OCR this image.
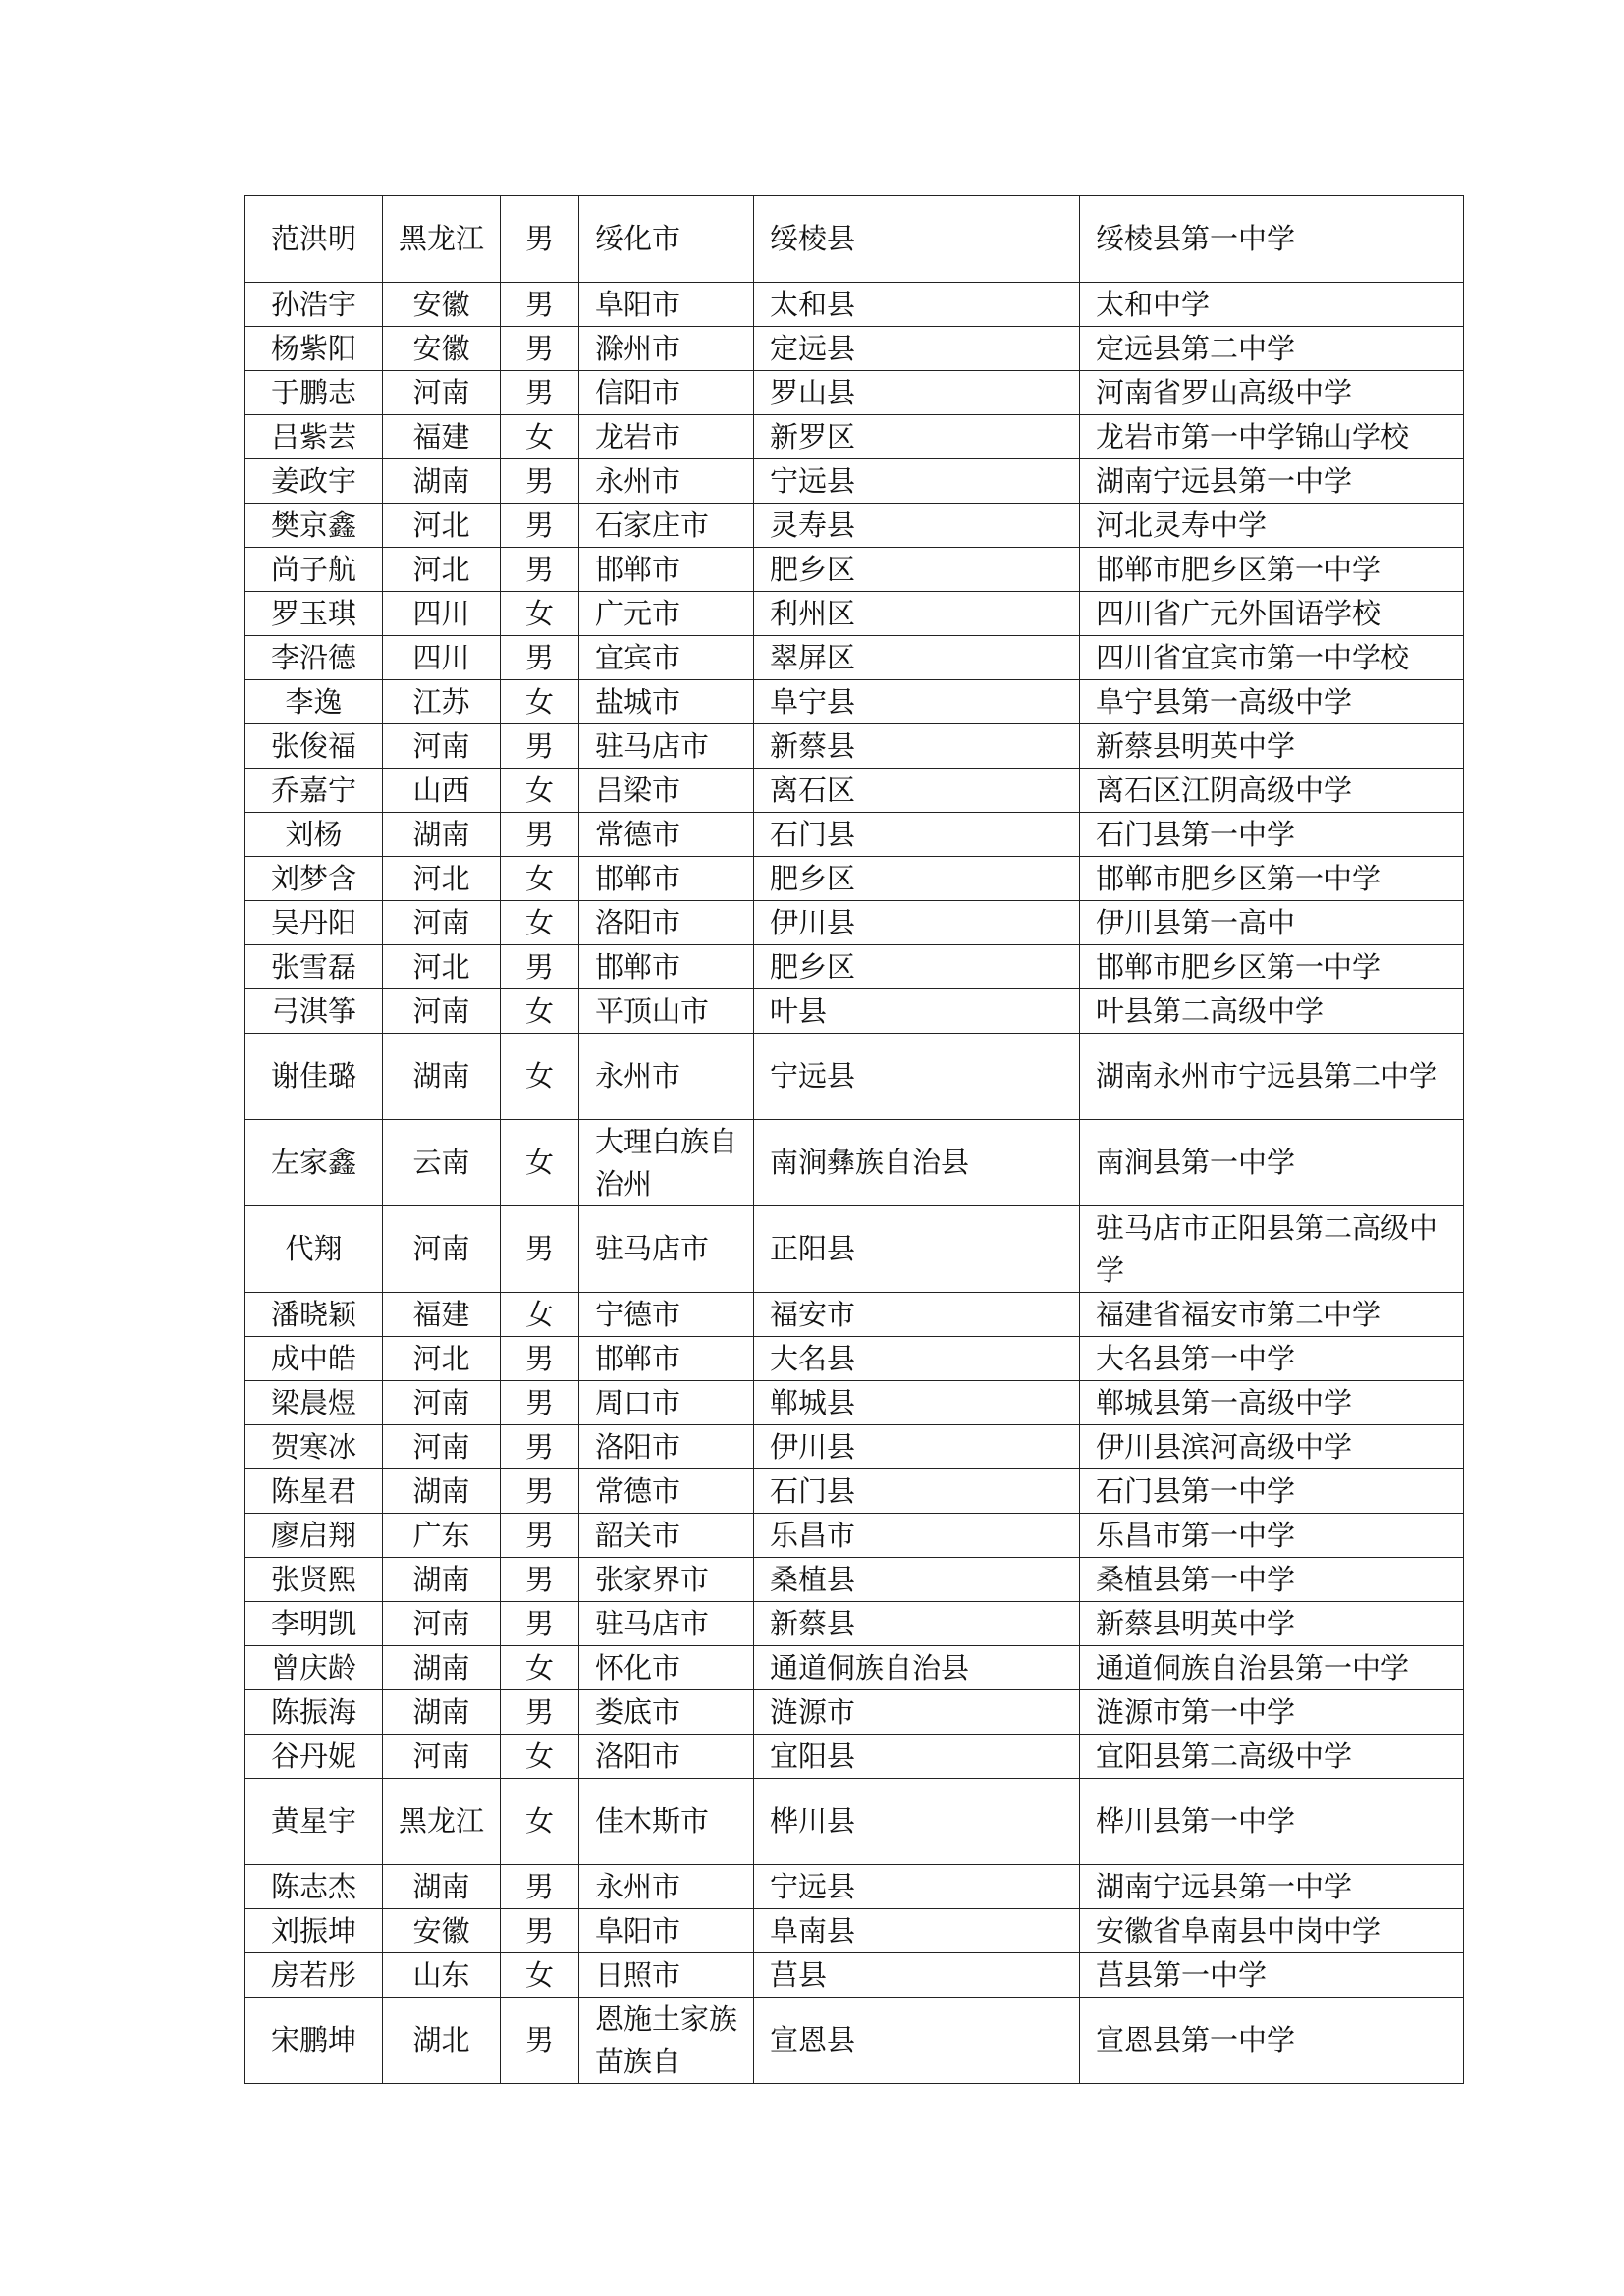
范洪明	黑龙江	男	绥化市	绥棱县	绥棱县第一中学

孙浩宇	安徽	男	阜阳市	太和县	太和中学

杨紫阳	安徽	男	滁州市	定远县	定远县第二中学

于鹏志	河南	男	信阳市	罗山县	河南省罗山高级中学

吕紫芸	福建	女	龙岩市	新罗区	龙岩市第一中学锦山学校

姜政宇	湖南	男	永州市	宁远县	湖南宁远县第一中学

樊京鑫	河北	男	石家庄市	灵寿县	河北灵寿中学

尚子航	河北	男	邯郸市	肥乡区	邯郸市肥乡区第一中学

罗玉琪	四川	女	广元市	利州区	四川省广元外国语学校

李沿德	四川	男	宜宾市	翠屏区	四川省宜宾市第一中学校

李逸	江苏	女	盐城市	阜宁县	阜宁县第一高级中学

张俊福	河南	男	驻马店市	新蔡县	新蔡县明英中学

乔嘉宁	山西	女	吕梁市	离石区	离石区江阴高级中学

刘杨	湖南	男	常德市	石门县	石门县第一中学

刘梦含	河北	女	邯郸市	肥乡区	邯郸市肥乡区第一中学

吴丹阳	河南	女	洛阳市	伊川县	伊川县第一高中

张雪磊	河北	男	邯郸市	肥乡区	邯郸市肥乡区第一中学

弓淇筝	河南	女	平顶山市	叶县	叶县第二高级中学

谢佳璐	湖南	女	永州市	宁远县	湖南永州市宁远县第二中学

左家鑫	云南	女	大理白族自治州	南涧彝族自治县	南涧县第一中学

代翔	河南	男	驻马店市	正阳县	驻马店市正阳县第二高级中学

潘晓颖	福建	女	宁德市	福安市	福建省福安市第二中学

成中皓	河北	男	邯郸市	大名县	大名县第一中学

梁晨煜	河南	男	周口市	郸城县	郸城县第一高级中学

贺寒冰	河南	男	洛阳市	伊川县	伊川县滨河高级中学

陈星君	湖南	男	常德市	石门县	石门县第一中学

廖启翔	广东	男	韶关市	乐昌市	乐昌市第一中学

张贤熙	湖南	男	张家界市	桑植县	桑植县第一中学

李明凯	河南	男	驻马店市	新蔡县	新蔡县明英中学

曾庆龄	湖南	女	怀化市	通道侗族自治县	通道侗族自治县第一中学

陈振海	湖南	男	娄底市	涟源市	涟源市第一中学

谷丹妮	河南	女	洛阳市	宜阳县	宜阳县第二高级中学

黄星宇	黑龙江	女	佳木斯市	桦川县	桦川县第一中学

陈志杰	湖南	男	永州市	宁远县	湖南宁远县第一中学

刘振坤	安徽	男	阜阳市	阜南县	安徽省阜南县中岗中学

房若彤	山东	女	日照市	莒县	莒县第一中学

宋鹏坤	湖北	男	恩施土家族苗族自	宣恩县	宣恩县第一中学
